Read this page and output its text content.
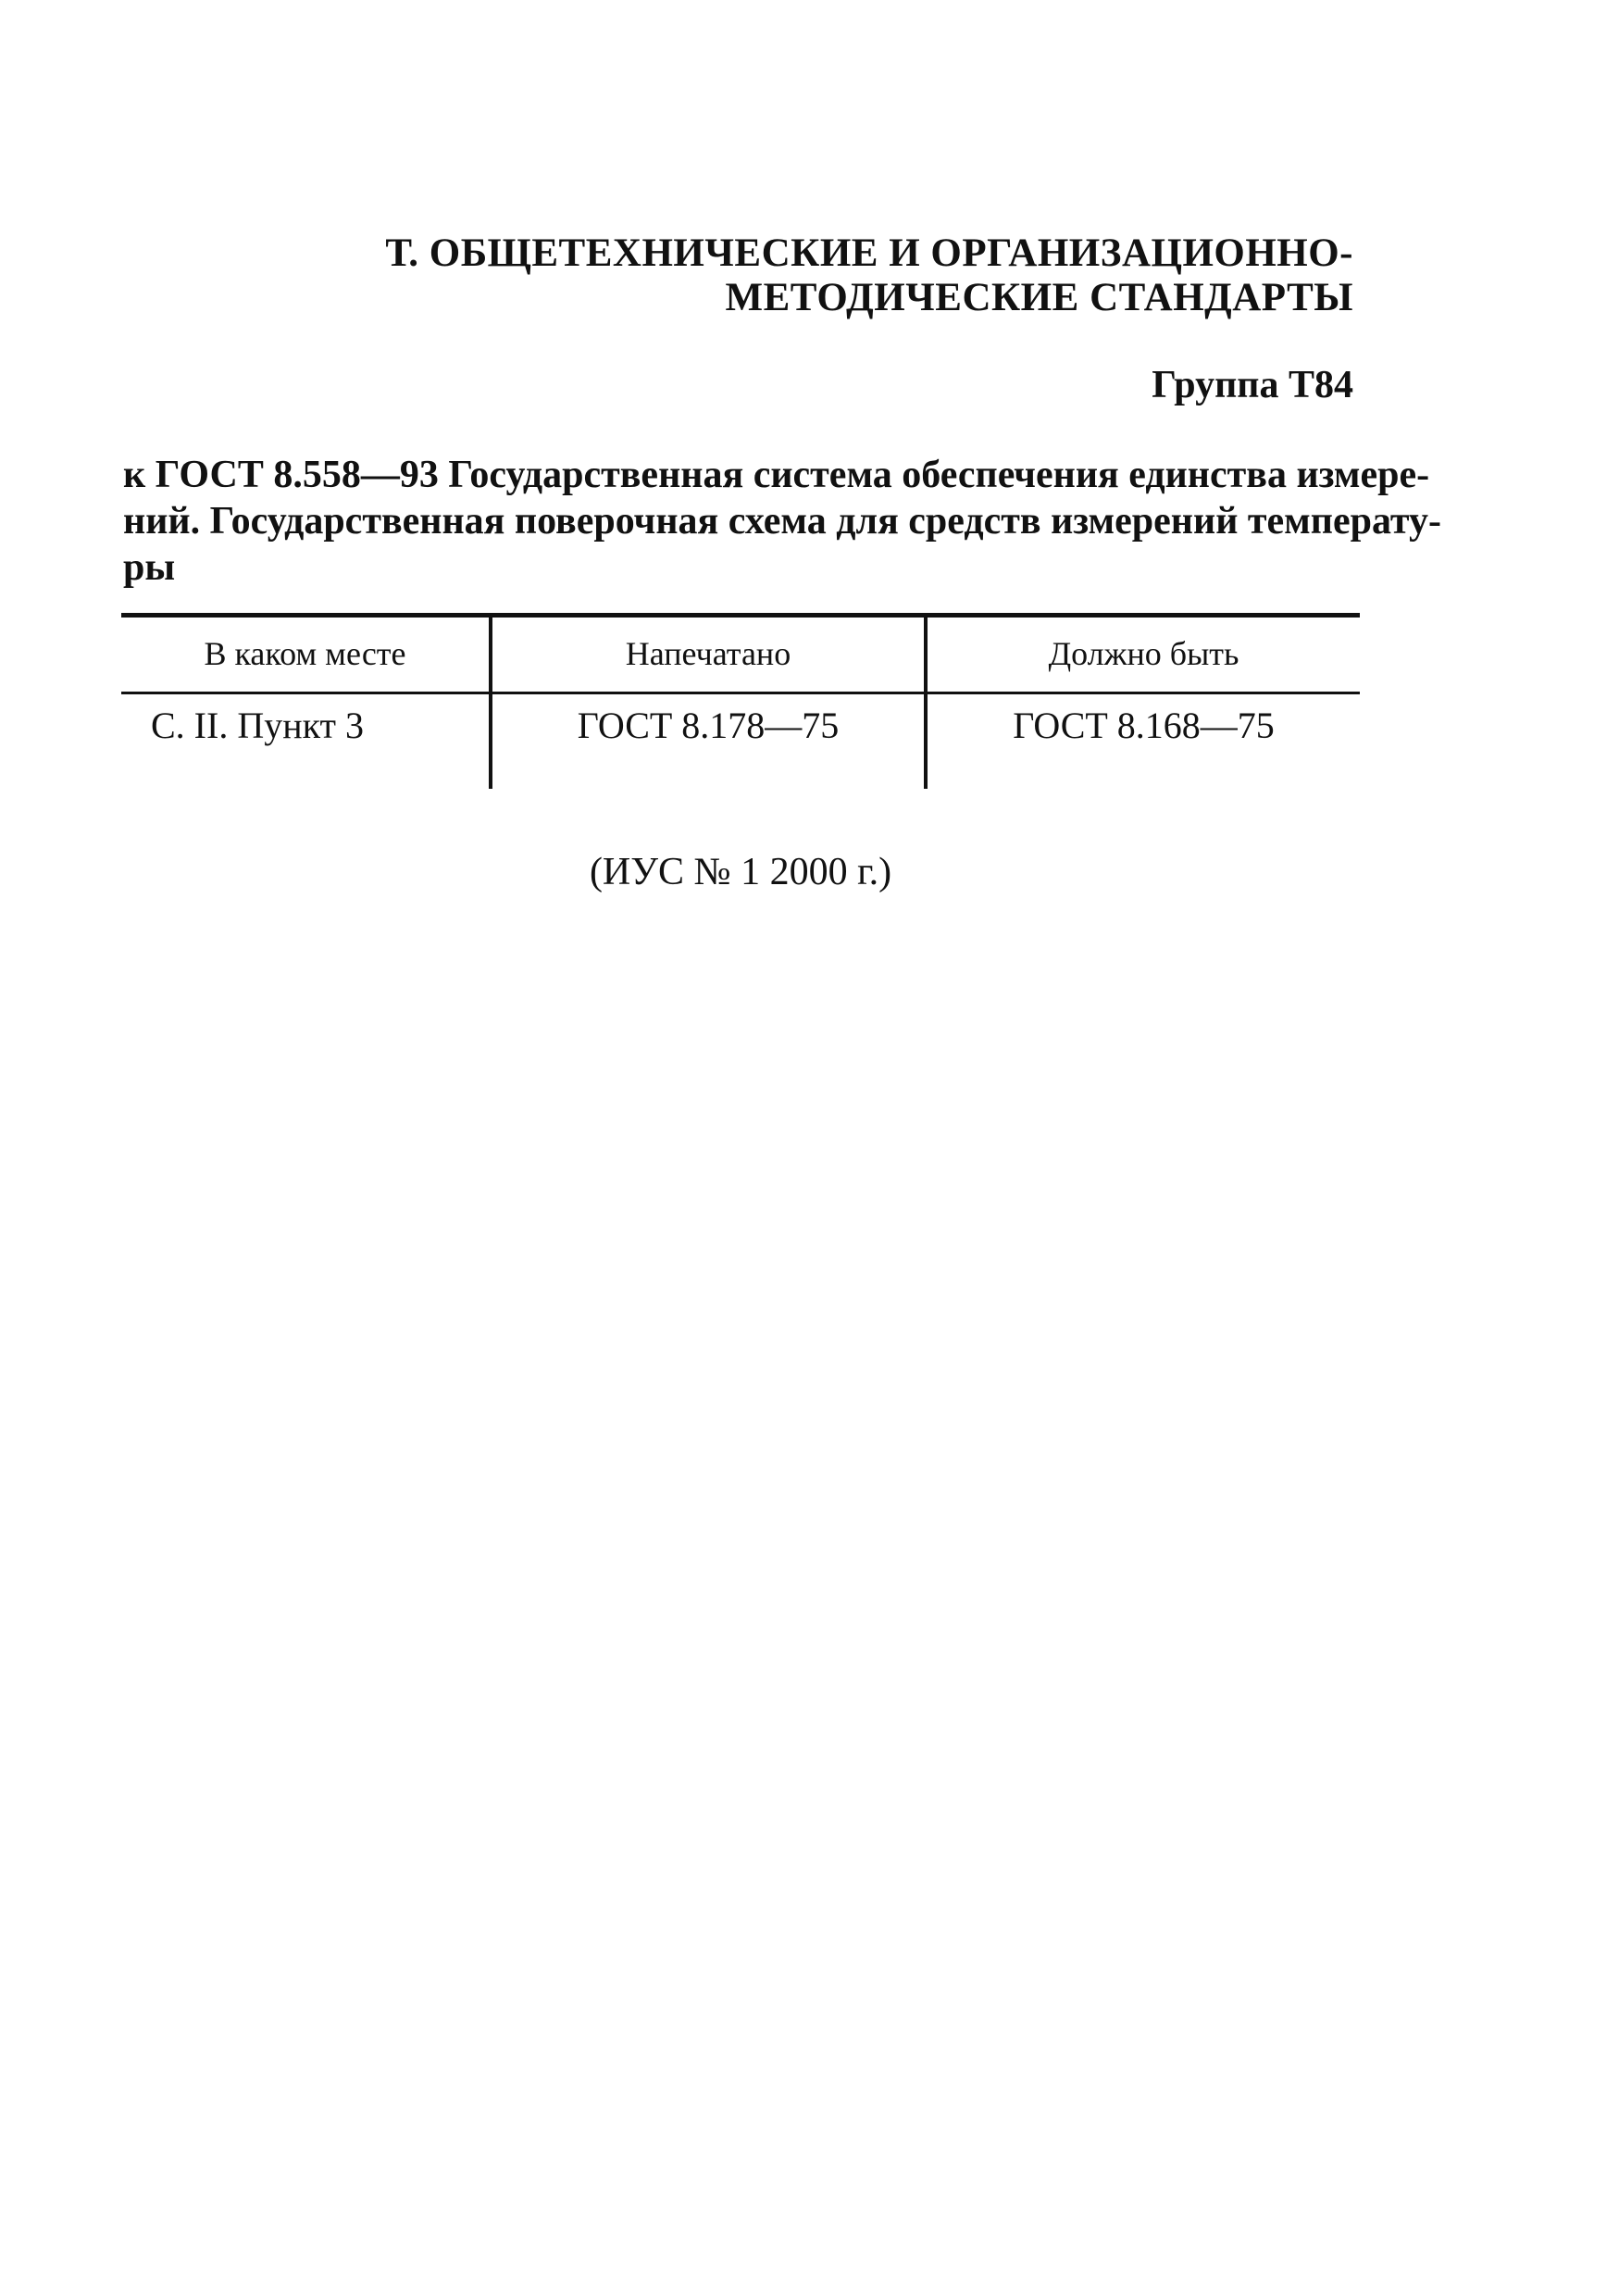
Т. ОБЩЕТЕХНИЧЕСКИЕ И ОРГАНИЗАЦИОННО-
МЕТОДИЧЕСКИЕ СТАНДАРТЫ
Группа Т84
к ГОСТ 8.558—93 Государственная система обеспечения единства измере-
ний. Государственная поверочная схема для средств измерений температу-
ры
В каком месте	Напечатано	Должно быть
С. II. Пункт 3	ГОСТ 8.178—75	ГОСТ 8.168—75
(ИУС № 1 2000 г.)
